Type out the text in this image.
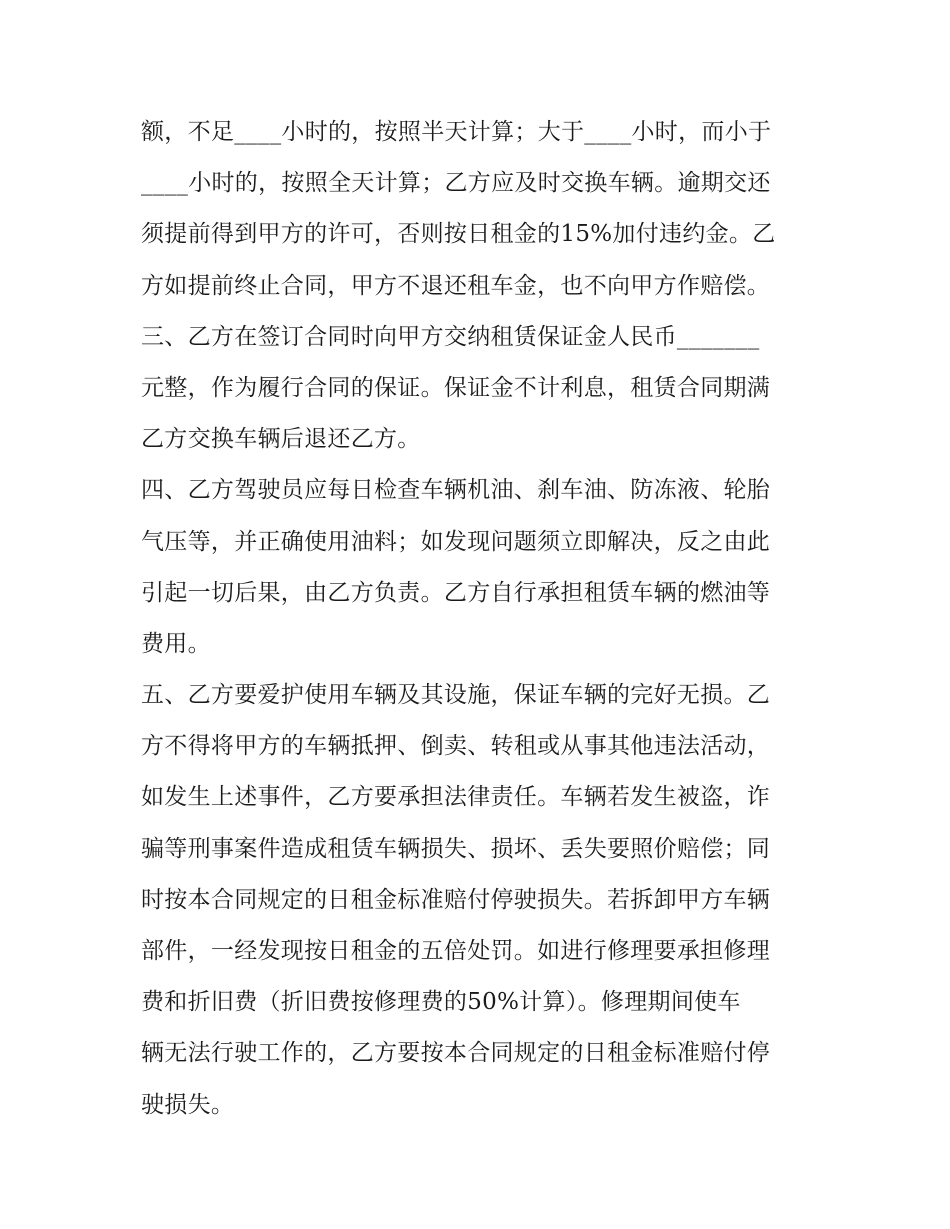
额，不足____小时的，按照半天计算；大于____小时，而小于
____小时的，按照全天计算；乙方应及时交换车辆。逾期交还
须提前得到甲方的许可，否则按日租金的15%加付违约金。乙
方如提前终止合同，甲方不退还租车金，也不向甲方作赔偿。
三、乙方在签订合同时向甲方交纳租赁保证金人民币_______
元整，作为履行合同的保证。保证金不计利息，租赁合同期满
乙方交换车辆后退还乙方。
四、乙方驾驶员应每日检查车辆机油、刹车油、防冻液、轮胎
气压等，并正确使用油料；如发现问题须立即解决，反之由此
引起一切后果，由乙方负责。乙方自行承担租赁车辆的燃油等
费用。
五、乙方要爱护使用车辆及其设施，保证车辆的完好无损。乙
方不得将甲方的车辆抵押、倒卖、转租或从事其他违法活动，
如发生上述事件，乙方要承担法律责任。车辆若发生被盗，诈
骗等刑事案件造成租赁车辆损失、损坏、丢失要照价赔偿；同
时按本合同规定的日租金标准赔付停驶损失。若拆卸甲方车辆
部件，一经发现按日租金的五倍处罚。如进行修理要承担修理
费和折旧费（折旧费按修理费的50%计算）。修理期间使车
辆无法行驶工作的，乙方要按本合同规定的日租金标准赔付停
驶损失。
